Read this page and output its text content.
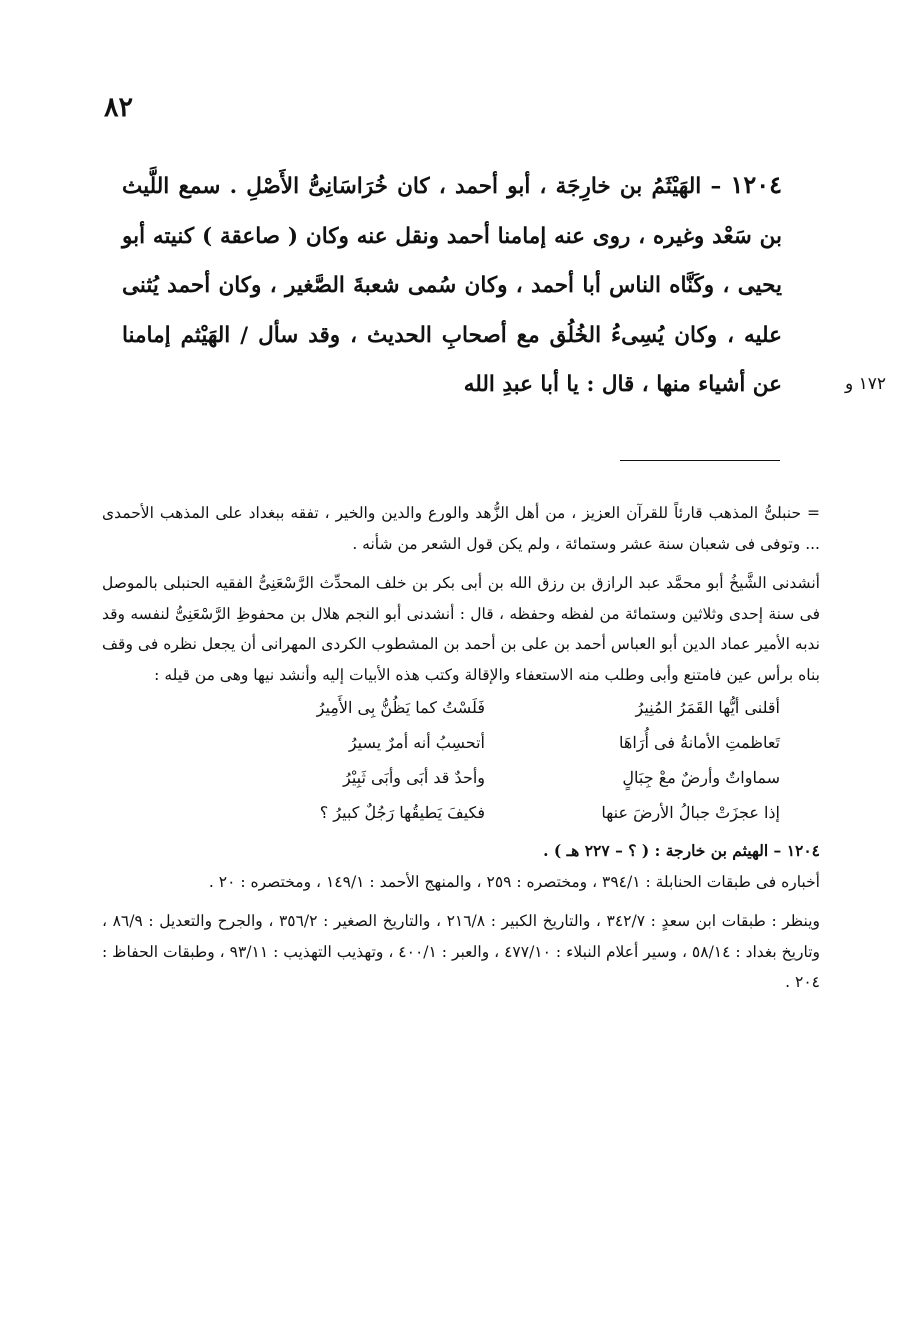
٨٢
١٢٠٤ – الهَيْثَمُ بن خارِجَة ، أبو أحمد ، كان خُرَاسَانِىُّ الأَصْلِ . سمع اللَّيث بن سَعْد وغيره ، روى عنه إمامنا أحمد ونقل عنه وكان ( صاعقة ) كنيته أبو يحيى ، وكَنَّاه الناس أبا أحمد ، وكان سُمى شعبةَ الصَّغير ، وكان أحمد يُثنى عليه ، وكان يُسِىءُ الخُلُق مع أصحابِ الحديث ، وقد سأل / الهَيْثم إمامنا عن أشياء منها ، قال : يا أبا عبدِ الله	١٧٢ و

= حنبلىُّ المذهب قارئاً للقرآن العزيز ، من أهل الزُّهد والورع والدين والخير ، تفقه ببغداد على المذهب الأحمدى ... وتوفى فى شعبان سنة عشر وستمائة ، ولم يكن قول الشعر من شأنه .

أنشدنى الشَّيخُ أبو محمَّد عبد الرازق بن رزق الله بن أبى بكر بن خلف المحدِّث الرَّسْعَنِىُّ الفقيه الحنبلى بالموصل فى سنة إحدى وثلاثين وستمائة من لفظه وحفظه ، قال : أنشدنى أبو النجم هلال بن محفوظِ الرَّسْعَنِىُّ لنفسه وقد ندبه الأمير عماد الدين أبو العباس أحمد بن على بن أحمد بن المشطوب الكردى المهرانى أن يجعل نظره فى وقف بناه برأس عين فامتنع وأبى وطلب منه الاستعفاء والإقالة وكتب هذه الأبيات إليه وأنشد نيها وهى من قيله :

أقلنى أيُّها القَمَرُ المُنِيرُ
فَلَسْتُ كما يَظُنُّ بِى الأَمِيرُ
تَعاظمتِ الأمانةُ فى أُرَاهَا
أتحسِبُ أنه أمرٌ يسيرُ
سماواتٌ وأرضٌ معْ جِبَالٍ
وأحدٌ قد أبَى وأبَى ثَبِيْرُ
إذا عجزَتْ جبالُ الأرضَ عنها
فكيفَ يَطيقُها رَجُلٌ كبيرُ ؟

١٢٠٤ – الهيثم بن خارجة : ( ؟ – ٢٢٧ هـ ) .

أخباره فى طبقات الحنابلة : ٣٩٤/١ ، ومختصره : ٢٥٩ ، والمنهج الأحمد : ١٤٩/١ ، ومختصره : ٢٠ .

وينظر : طبقات ابن سعدٍ : ٣٤٢/٧ ، والتاريخ الكبير : ٢١٦/٨ ، والتاريخ الصغير : ٣٥٦/٢ ، والجرح والتعديل : ٨٦/٩ ، وتاريخ بغداد : ٥٨/١٤ ، وسير أعلام النبلاء : ٤٧٧/١٠ ، والعبر : ٤٠٠/١ ، وتهذيب التهذيب : ٩٣/١١ ، وطبقات الحفاظ : ٢٠٤ .
